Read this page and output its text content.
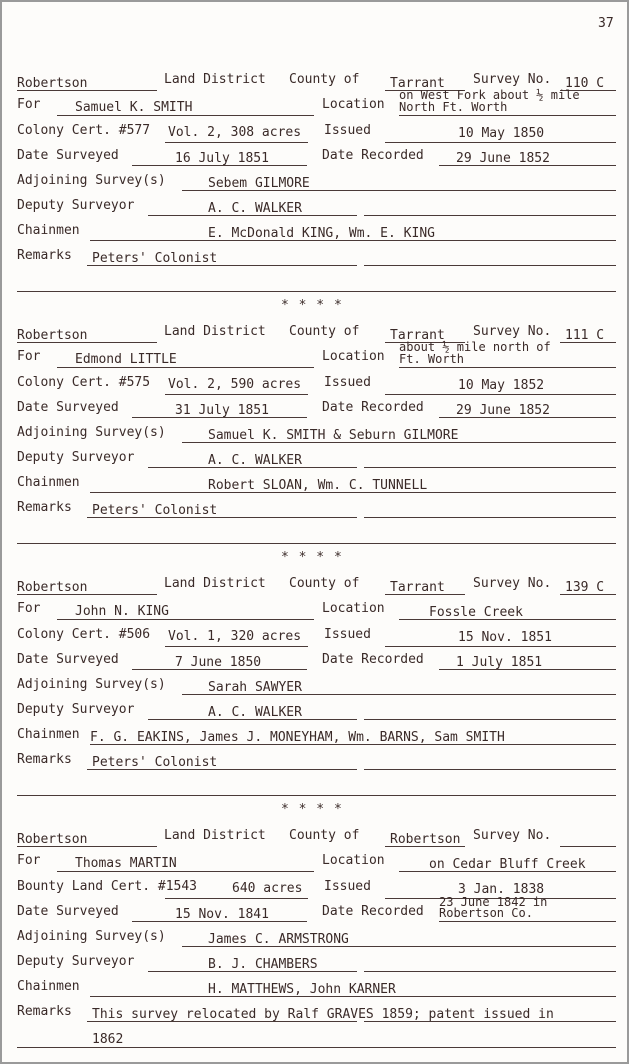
37
Robertson	Land District County of Tarrant Survey No. 110 C
For	Samuel K. SMITH	Location
on West Fork about ½ mile
North Ft. Worth
Colony Cert. #577 Vol. 2, 308 acres Issued	10 May 1850
Date Surveyed	16 July 1851	Date Recorded 29 June 1852
Adjoining Survey(s)	Sebem GILMORE
Deputy Surveyor	A. C. WALKER
Chainmen	E. McDonald KING, Wm. E. KING
Remarks Peters' Colonist
Robertson	Land District County of Tarrant Survey No. 111 C
For	Edmond LITTLE	Location
about ½ mile north of
Ft. Worth
Colony Cert. #575 Vol. 2, 590 acres Issued	10 May 1852
Date Surveyed	31 July 1851	Date Recorded 29 June 1852
Adjoining Survey(s)	Samuel K. SMITH & Seburn GILMORE
Deputy Surveyor	A. C. WALKER
Chainmen	Robert SLOAN, Wm. C. TUNNELL
Remarks Peters' Colonist
Robertson	Land District County of Tarrant Survey No. 139 C
For	John N. KING	Location	Fossle Creek
Colony Cert. #506 Vol. 1, 320 acres Issued	15 Nov. 1851
Date Surveyed	7 June 1850	Date Recorded 1 July 1851
Adjoining Survey(s)	Sarah SAWYER
Deputy Surveyor	A. C. WALKER
Chainmen F. G. EAKINS, James J. MONEYHAM, Wm. BARNS, Sam SMITH
Remarks Peters' Colonist
Robertson	Land District County of Robertson Survey No.
For	Thomas MARTIN	Location	on Cedar Bluff Creek
Bounty Land Cert. #1543	640 acres Issued	3 Jan. 1838
Date Surveyed	15 Nov. 1841	Date Recorded
23 June 1842 in
Robertson Co.
Adjoining Survey(s)	James C. ARMSTRONG
Deputy Surveyor	B. J. CHAMBERS
Chainmen	H. MATTHEWS, John KARNER
Remarks This survey relocated by Ralf GRAVES 1859; patent issued in
1862
* * * *
* * * *
* * * *
